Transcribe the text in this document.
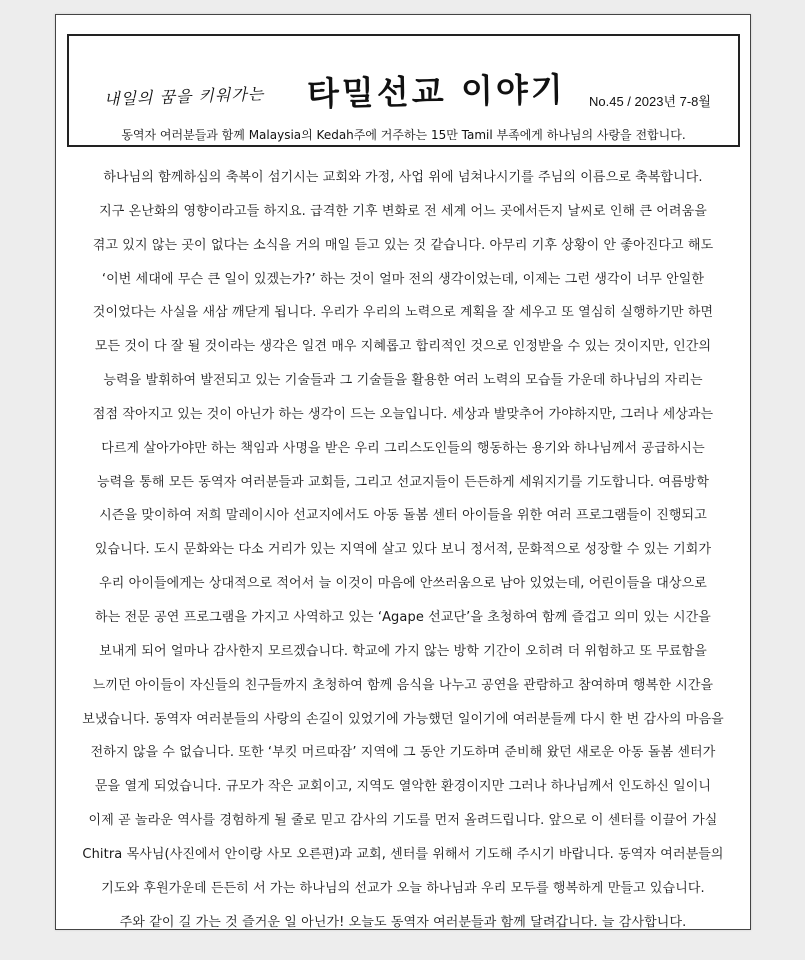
내일의 꿈을 키워가는 타밀선교 이야기 No.45 / 2023년 7-8월
동역자 여러분들과 함께 Malaysia의 Kedah주에 거주하는 15만 Tamil 부족에게 하나님의 사랑을 전합니다.
하나님의 함께하심의 축복이 섬기시는 교회와 가정, 사업 위에 넘쳐나시기를 주님의 이름으로 축복합니다.
지구 온난화의 영향이라고들 하지요. 급격한 기후 변화로 전 세계 어느 곳에서든지 날씨로 인해 큰 어려움을
겪고 있지 않는 곳이 없다는 소식을 거의 매일 듣고 있는 것 같습니다. 아무리 기후 상황이 안 좋아진다고 해도
‘이번 세대에 무슨 큰 일이 있겠는가?’ 하는 것이 얼마 전의 생각이었는데, 이제는 그런 생각이 너무 안일한
것이었다는 사실을 새삼 깨닫게 됩니다. 우리가 우리의 노력으로 계획을 잘 세우고 또 열심히 실행하기만 하면
모든 것이 다 잘 될 것이라는 생각은 일견 매우 지혜롭고 합리적인 것으로 인정받을 수 있는 것이지만, 인간의
능력을 발휘하여 발전되고 있는 기술들과 그 기술들을 활용한 여러 노력의 모습들 가운데 하나님의 자리는
점점 작아지고 있는 것이 아닌가 하는 생각이 드는 오늘입니다. 세상과 발맞추어 가야하지만, 그러나 세상과는
다르게 살아가야만 하는 책임과 사명을 받은 우리 그리스도인들의 행동하는 용기와 하나님께서 공급하시는
능력을 통해 모든 동역자 여러분들과 교회들, 그리고 선교지들이 든든하게 세워지기를 기도합니다. 여름방학
시즌을 맞이하여 저희 말레이시아 선교지에서도 아동 돌봄 센터 아이들을 위한 여러 프로그램들이 진행되고
있습니다. 도시 문화와는 다소 거리가 있는 지역에 살고 있다 보니 정서적, 문화적으로 성장할 수 있는 기회가
우리 아이들에게는 상대적으로 적어서 늘 이것이 마음에 안쓰러움으로 남아 있었는데, 어린이들을 대상으로
하는 전문 공연 프로그램을 가지고 사역하고 있는 ‘Agape 선교단’을 초청하여 함께 즐겁고 의미 있는 시간을
보내게 되어 얼마나 감사한지 모르겠습니다. 학교에 가지 않는 방학 기간이 오히려 더 위험하고 또 무료함을
느끼던 아이들이 자신들의 친구들까지 초청하여 함께 음식을 나누고 공연을 관람하고 참여하며 행복한 시간을
보냈습니다. 동역자 여러분들의 사랑의 손길이 있었기에 가능했던 일이기에 여러분들께 다시 한 번 감사의 마음을
전하지 않을 수 없습니다. 또한 ‘부킷 머르따잠’ 지역에 그 동안 기도하며 준비해 왔던 새로운 아동 돌봄 센터가
문을 열게 되었습니다. 규모가 작은 교회이고, 지역도 열악한 환경이지만 그러나 하나님께서 인도하신 일이니
이제 곧 놀라운 역사를 경험하게 될 줄로 믿고 감사의 기도를 먼저 올려드립니다. 앞으로 이 센터를 이끌어 가실
Chitra 목사님(사진에서 안이랑 사모 오른편)과 교회, 센터를 위해서 기도해 주시기 바랍니다. 동역자 여러분들의
기도와 후원가운데 든든히 서 가는 하나님의 선교가 오늘 하나님과 우리 모두를 행복하게 만들고 있습니다.
주와 같이 길 가는 것 즐거운 일 아닌가! 오늘도 동역자 여러분들과 함께 달려갑니다. 늘 감사합니다.
